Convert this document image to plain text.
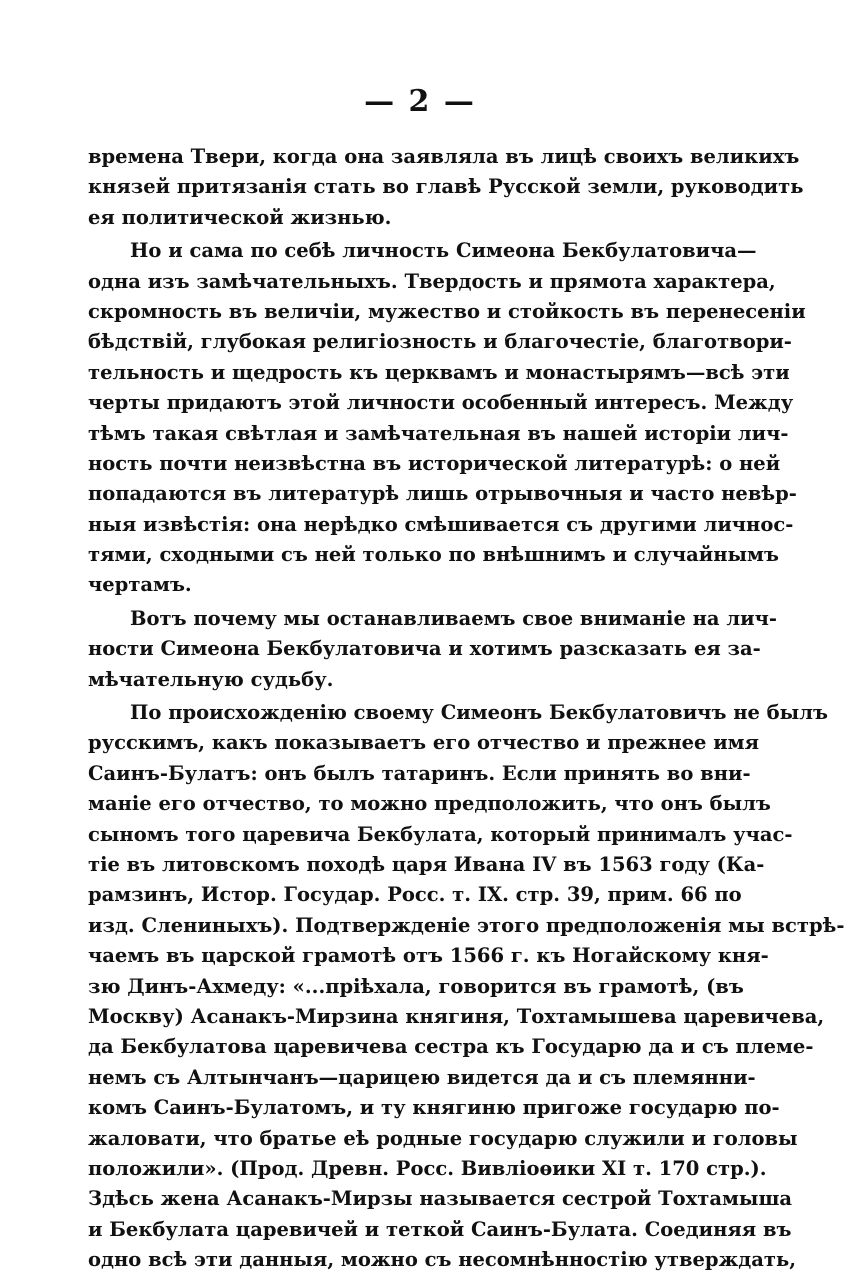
— 2 —
времена Твери, когда она заявляла въ лицѣ своихъ великихъ
князей притязанія стать во главѣ Русской земли, руководить
ея политической жизнью.
Но и сама по себѣ личность Симеона Бекбулатовича—
одна изъ замѣчательныхъ. Твердость и прямота характера,
скромность въ величіи, мужество и стойкость въ перенесеніи
бѣдствій, глубокая религіозность и благочестіе, благотвори-
тельность и щедрость къ церквамъ и монастырямъ—всѣ эти
черты придаютъ этой личности особенный интересъ. Между
тѣмъ такая свѣтлая и замѣчательная въ нашей исторіи лич-
ность почти неизвѣстна въ исторической литературѣ: о ней
попадаются въ литературѣ лишь отрывочныя и часто невѣр-
ныя извѣстія: она нерѣдко смѣшивается съ другими личнос-
тями, сходными съ ней только по внѣшнимъ и случайнымъ
чертамъ.
Вотъ почему мы останавливаемъ свое вниманіе на лич-
ности Симеона Бекбулатовича и хотимъ разсказать ея за-
мѣчательную судьбу.
По происхожденію своему Симеонъ Бекбулатовичъ не былъ
русскимъ, какъ показываетъ его отчество и прежнее имя
Саинъ-Булатъ: онъ былъ татаринъ. Если принять во вни-
маніе его отчество, то можно предположить, что онъ былъ
сыномъ того царевича Бекбулата, который принималъ учас-
тіе въ литовскомъ походѣ царя Ивана IV въ 1563 году (Ка-
рамзинъ, Истор. Государ. Росс. т. IX. стр. 39, прим. 66 по
изд. Слениныхъ). Подтвержденіе этого предположенія мы встрѣ-
чаемъ въ царской грамотѣ отъ 1566 г. къ Ногайскому кня-
зю Динъ-Ахмеду: «...пріѣхала, говорится въ грамотѣ, (въ
Москву) Асанакъ-Мирзина княгиня, Тохтамышева царевичева,
да Бекбулатова царевичева сестра къ Государю да и съ племе-
немъ съ Алтынчанъ—царицею видется да и съ племянни-
комъ Саинъ-Булатомъ, и ту княгиню пригоже государю по-
жаловати, что братье еѣ родные государю служили и головы
положили». (Прод. Древн. Росс. Вивліоѳики XI т. 170 стр.).
Здѣсь жена Асанакъ-Мирзы называется сестрой Тохтамыша
и Бекбулата царевичей и теткой Саинъ-Булата. Соединяя въ
одно всѣ эти данныя, можно съ несомнѣнностію утверждать,
